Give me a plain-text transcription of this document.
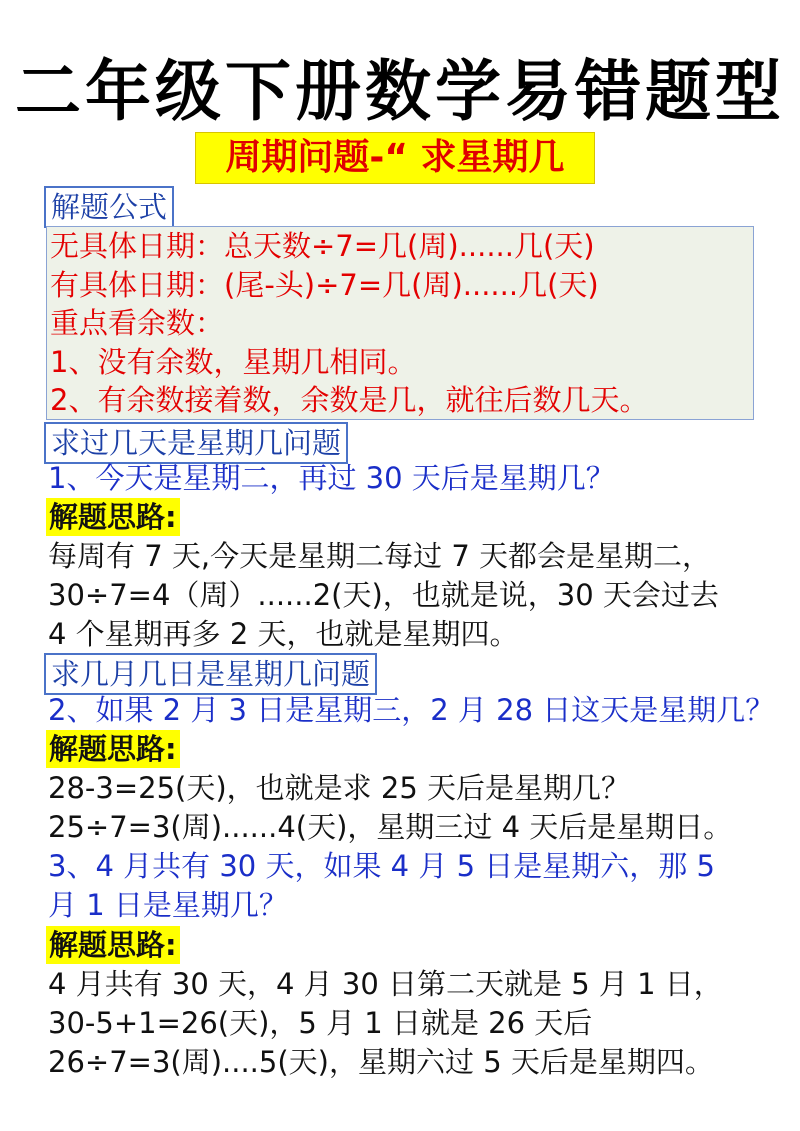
二年级下册数学易错题型
周期问题-“ 求星期几
解题公式
无具体日期：总天数÷7=几(周)......几(天)
有具体日期：(尾-头)÷7=几(周)......几(天)
重点看余数：
1、没有余数，星期几相同。
2、有余数接着数，余数是几，就往后数几天。
求过几天是星期几问题
1、今天是星期二，再过 30 天后是星期几？
解题思路:
每周有 7 天,今天是星期二每过 7 天都会是星期二，
30÷7=4（周）......2(天)，也就是说，30 天会过去
4 个星期再多 2 天，也就是星期四。
求几月几日是星期几问题
2、如果 2 月 3 日是星期三，2 月 28 日这天是星期几？
解题思路:
28-3=25(天)，也就是求 25 天后是星期几？
25÷7=3(周)......4(天)，星期三过 4 天后是星期日。
3、4 月共有 30 天，如果 4 月 5 日是星期六，那 5
月 1 日是星期几？
解题思路:
4 月共有 30 天，4 月 30 日第二天就是 5 月 1 日，
30-5+1=26(天)，5 月 1 日就是 26 天后
26÷7=3(周)....5(天)，星期六过 5 天后是星期四。
